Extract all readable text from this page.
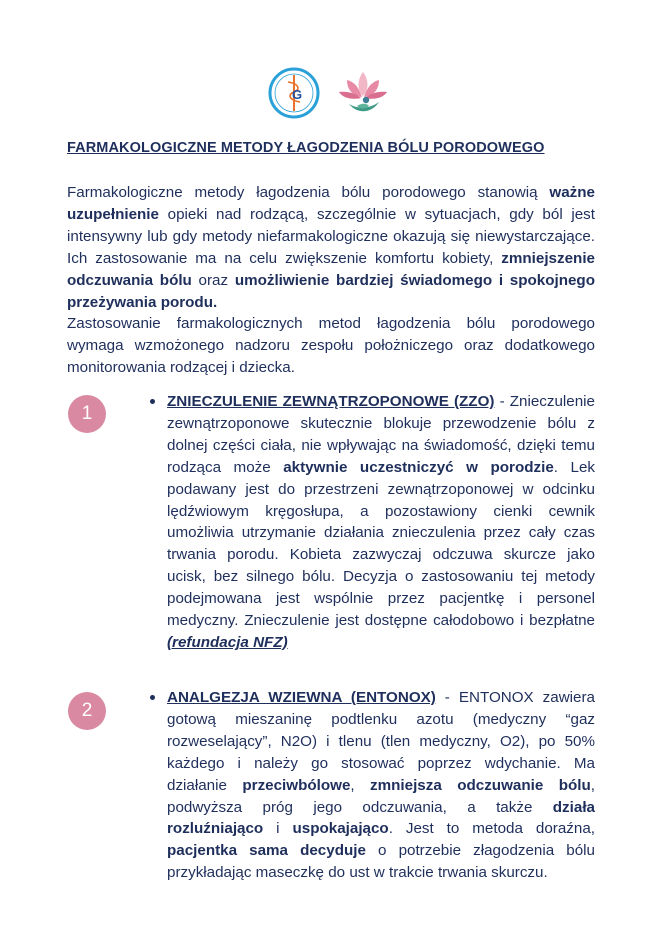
G
FARMAKOLOGICZNE METODY ŁAGODZENIA BÓLU PORODOWEGO

Farmakologiczne metody łagodzenia bólu porodowego stanowią ważne uzupełnienie opieki nad rodzącą, szczególnie w sytuacjach, gdy ból jest intensywny lub gdy metody niefarmakologiczne okazują się niewystarczające. Ich zastosowanie ma na celu zwiększenie komfortu kobiety, zmniejszenie odczuwania bólu oraz umożliwienie bardziej świadomego i spokojnego przeżywania porodu.

Zastosowanie farmakologicznych metod łagodzenia bólu porodowego wymaga wzmożonego nadzoru zespołu położniczego oraz dodatkowego monitorowania rodzącej i dziecka.

1
ZNIECZULENIE ZEWNĄTRZOPONOWE (ZZO) - Znieczulenie zewnątrzoponowe skutecznie blokuje przewodzenie bólu z dolnej części ciała, nie wpływając na świadomość, dzięki temu rodząca może aktywnie uczestniczyć w porodzie. Lek podawany jest do przestrzeni zewnątrzoponowej w odcinku lędźwiowym kręgosłupa, a pozostawiony cienki cewnik umożliwia utrzymanie działania znieczulenia przez cały czas trwania porodu. Kobieta zazwyczaj odczuwa skurcze jako ucisk, bez silnego bólu. Decyzja o zastosowaniu tej metody podejmowana jest wspólnie przez pacjentkę i personel medyczny. Znieczulenie jest dostępne całodobowo i bezpłatne (refundacja NFZ)
2
ANALGEZJA WZIEWNA (ENTONOX) - ENTONOX zawiera gotową mieszaninę podtlenku azotu (medyczny “gaz rozweselający”, N2O) i tlenu (tlen medyczny, O2), po 50% każdego i należy go stosować poprzez wdychanie. Ma działanie przeciwbólowe, zmniejsza odczuwanie bólu, podwyższa próg jego odczuwania, a także działa rozluźniająco i uspokajająco. Jest to metoda doraźna, pacjentka sama decyduje o potrzebie złagodzenia bólu przykładając maseczkę do ust w trakcie trwania skurczu.
